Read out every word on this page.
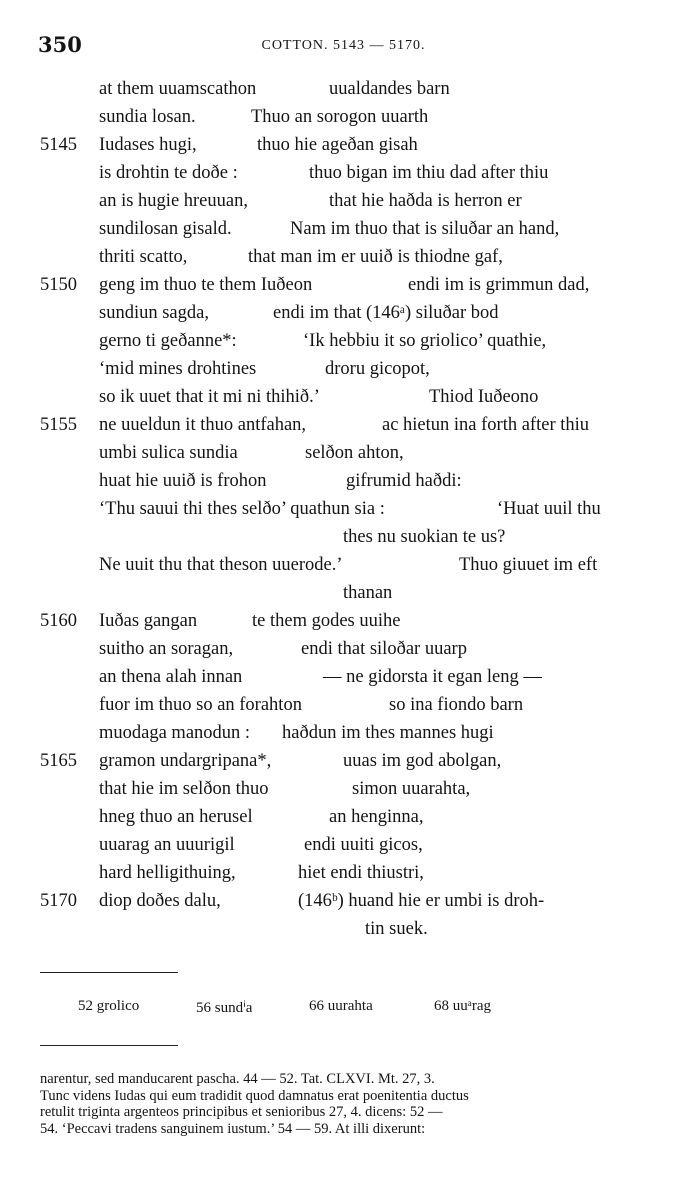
350	COTTON. 5143 — 5170.
at them uuamscathon	uualdandes barn
sundia losan.	Thuo an sorogon uuarth
5145 Iudases hugi,	thuo hie ageðan gisah
is drohtin te doðe :	thuo bigan im thiu dad after thiu
an is hugie hreuuan,	that hie haðda is herron er
sundilosan gisald.	Nam im thuo that is siluðar an hand,
thriti scatto,	that man im er uuið is thiodne gaf,
5150 geng im thuo te them Iuðeon	endi im is grimmun dad,
sundiun sagda,	endi im that (146ᵃ) siluðar bod
gerno ti geðanne*:	‘Ik hebbiu it so griolico’ quathie,
‘mid mines drohtines	droru gicopot,
so ik uuet that it mi ni thihið.’	Thiod Iuðeono
5155 ne uueldun it thuo antfahan,	ac hietun ina forth after thiu
umbi sulica sundia	selðon ahton,
huat hie uuið is frohon	gifrumid haðdi:
‘Thu sauui thi thes selðo’ quathun sia :	‘Huat uuil thu
thes nu suokian te us?
Ne uuit thu that theson uuerode.’	Thuo giuuet im eft
thanan
5160 Iuðas gangan	te them godes uuihe
suitho an soragan,	endi that siloðar uuarp
an thena alah innan	— ne gidorsta it egan leng —
fuor im thuo so an forahton	so ina fiondo barn
muodaga manodun : haðdun im thes mannes hugi
5165 gramon undargripana*,	uuas im god abolgan,
that hie im selðon thuo	simon uuarahta,
hneg thuo an herusel	an henginna,
uuarag an uuurigil	endi uuiti gicos,
hard helligithuing,	hiet endi thiustri,
5170 diop doðes dalu,	(146ᵇ) huand hie er umbi is droh-
tin suek.
52 grolico	56 sundⁱa	66 uurahta	68 uuᵃrag
narentur, sed manducarent pascha. 44 — 52. Tat. CLXVI. Mt. 27, 3.
Tunc videns Iudas qui eum tradidit quod damnatus erat poenitentia ductus
retulit triginta argenteos principibus et senioribus 27, 4. dicens: 52 —
54. ‘Peccavi tradens sanguinem iustum.’ 54 — 59. At illi dixerunt:
